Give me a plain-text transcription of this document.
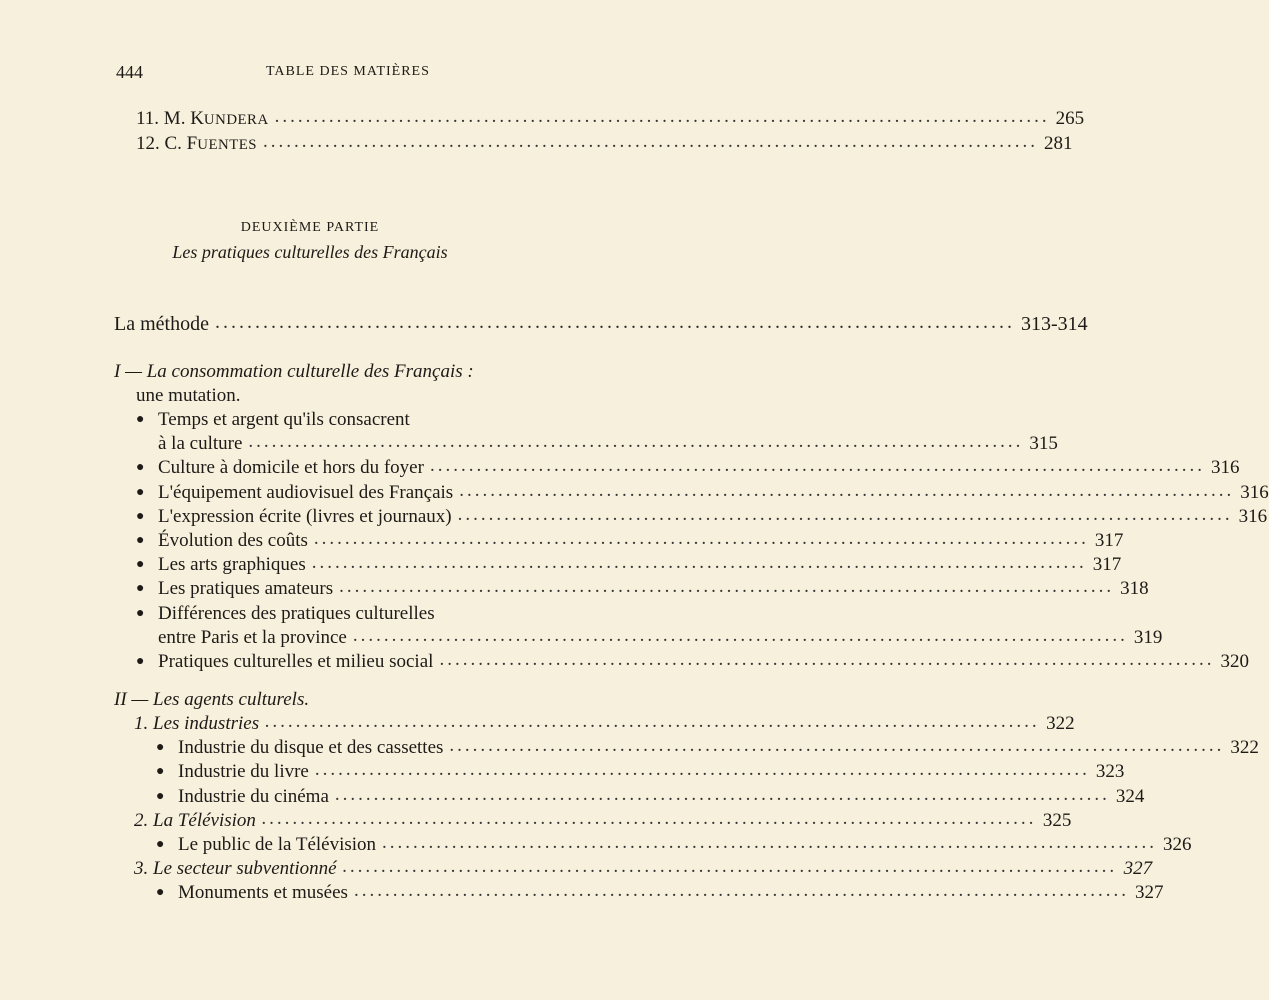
444	TABLE DES MATIÈRES
11. M. KUNDERA .................................................................................................... 265
12. C. FUENTES .................................................................................................... 281
DEUXIÈME PARTIE
Les pratiques culturelles des Français
La méthode .................................................................................................... 313-314
I — La consommation culturelle des Français :
une mutation.
● Temps et argent qu'ils consacrent
à la culture .................................................................................................... 315
● Culture à domicile et hors du foyer .................................................................................................... 316
● L'équipement audiovisuel des Français .................................................................................................... 316
● L'expression écrite (livres et journaux) .................................................................................................... 316
● Évolution des coûts .................................................................................................... 317
● Les arts graphiques .................................................................................................... 317
● Les pratiques amateurs .................................................................................................... 318
● Différences des pratiques culturelles
entre Paris et la province .................................................................................................... 319
● Pratiques culturelles et milieu social .................................................................................................... 320
II — Les agents culturels.
1. Les industries .................................................................................................... 322
● Industrie du disque et des cassettes .................................................................................................... 322
● Industrie du livre .................................................................................................... 323
● Industrie du cinéma .................................................................................................... 324
2. La Télévision .................................................................................................... 325
● Le public de la Télévision .................................................................................................... 326
3. Le secteur subventionné .................................................................................................... 327
● Monuments et musées .................................................................................................... 327
